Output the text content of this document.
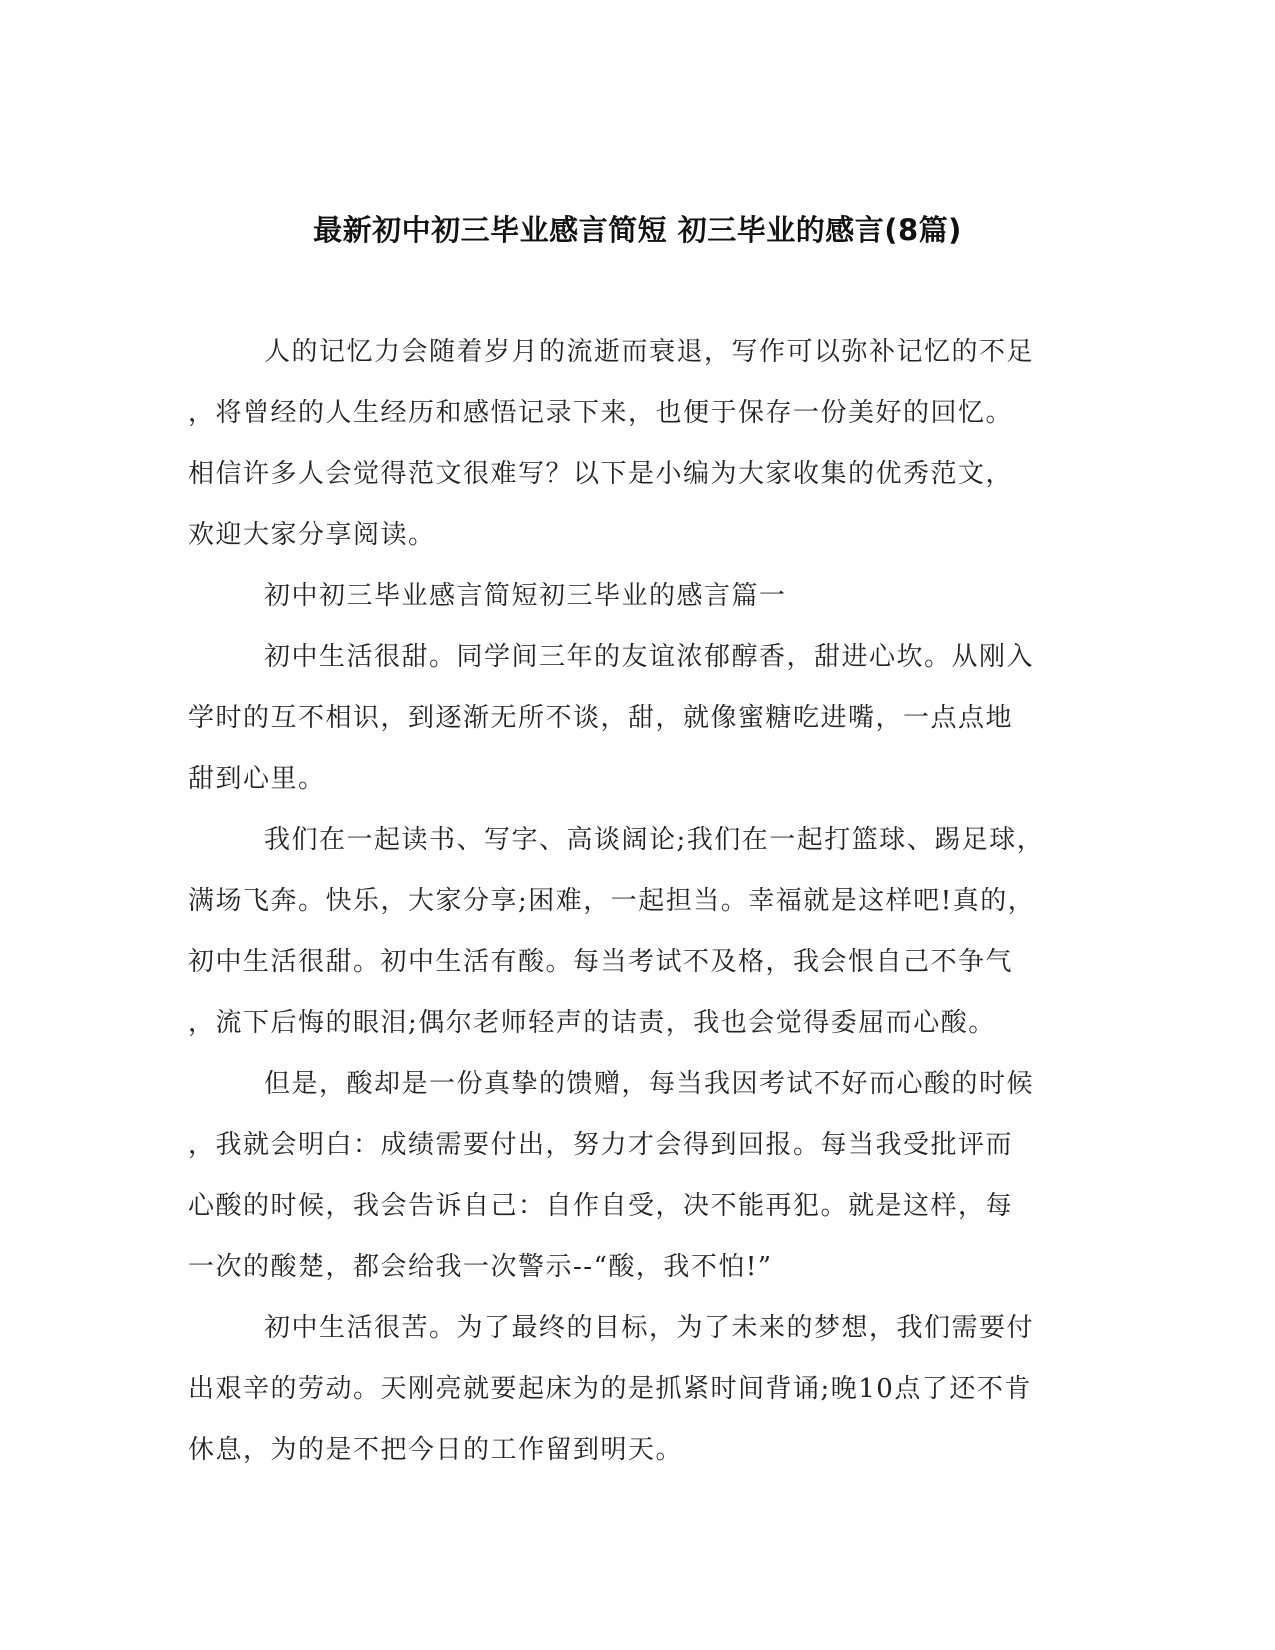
最新初中初三毕业感言简短 初三毕业的感言(8篇)
人的记忆力会随着岁月的流逝而衰退，写作可以弥补记忆的不足
，将曾经的人生经历和感悟记录下来，也便于保存一份美好的回忆。
相信许多人会觉得范文很难写？以下是小编为大家收集的优秀范文，
欢迎大家分享阅读。
初中初三毕业感言简短初三毕业的感言篇一
初中生活很甜。同学间三年的友谊浓郁醇香，甜进心坎。从刚入
学时的互不相识，到逐渐无所不谈，甜，就像蜜糖吃进嘴，一点点地
甜到心里。
我们在一起读书、写字、高谈阔论;我们在一起打篮球、踢足球，
满场飞奔。快乐，大家分享;困难，一起担当。幸福就是这样吧!真的，
初中生活很甜。初中生活有酸。每当考试不及格，我会恨自己不争气
，流下后悔的眼泪;偶尔老师轻声的诘责，我也会觉得委屈而心酸。
但是，酸却是一份真挚的馈赠，每当我因考试不好而心酸的时候
，我就会明白：成绩需要付出，努力才会得到回报。每当我受批评而
心酸的时候，我会告诉自己：自作自受，决不能再犯。就是这样，每
一次的酸楚，都会给我一次警示--“酸，我不怕!”
初中生活很苦。为了最终的目标，为了未来的梦想，我们需要付
出艰辛的劳动。天刚亮就要起床为的是抓紧时间背诵;晚10点了还不肯
休息，为的是不把今日的工作留到明天。
